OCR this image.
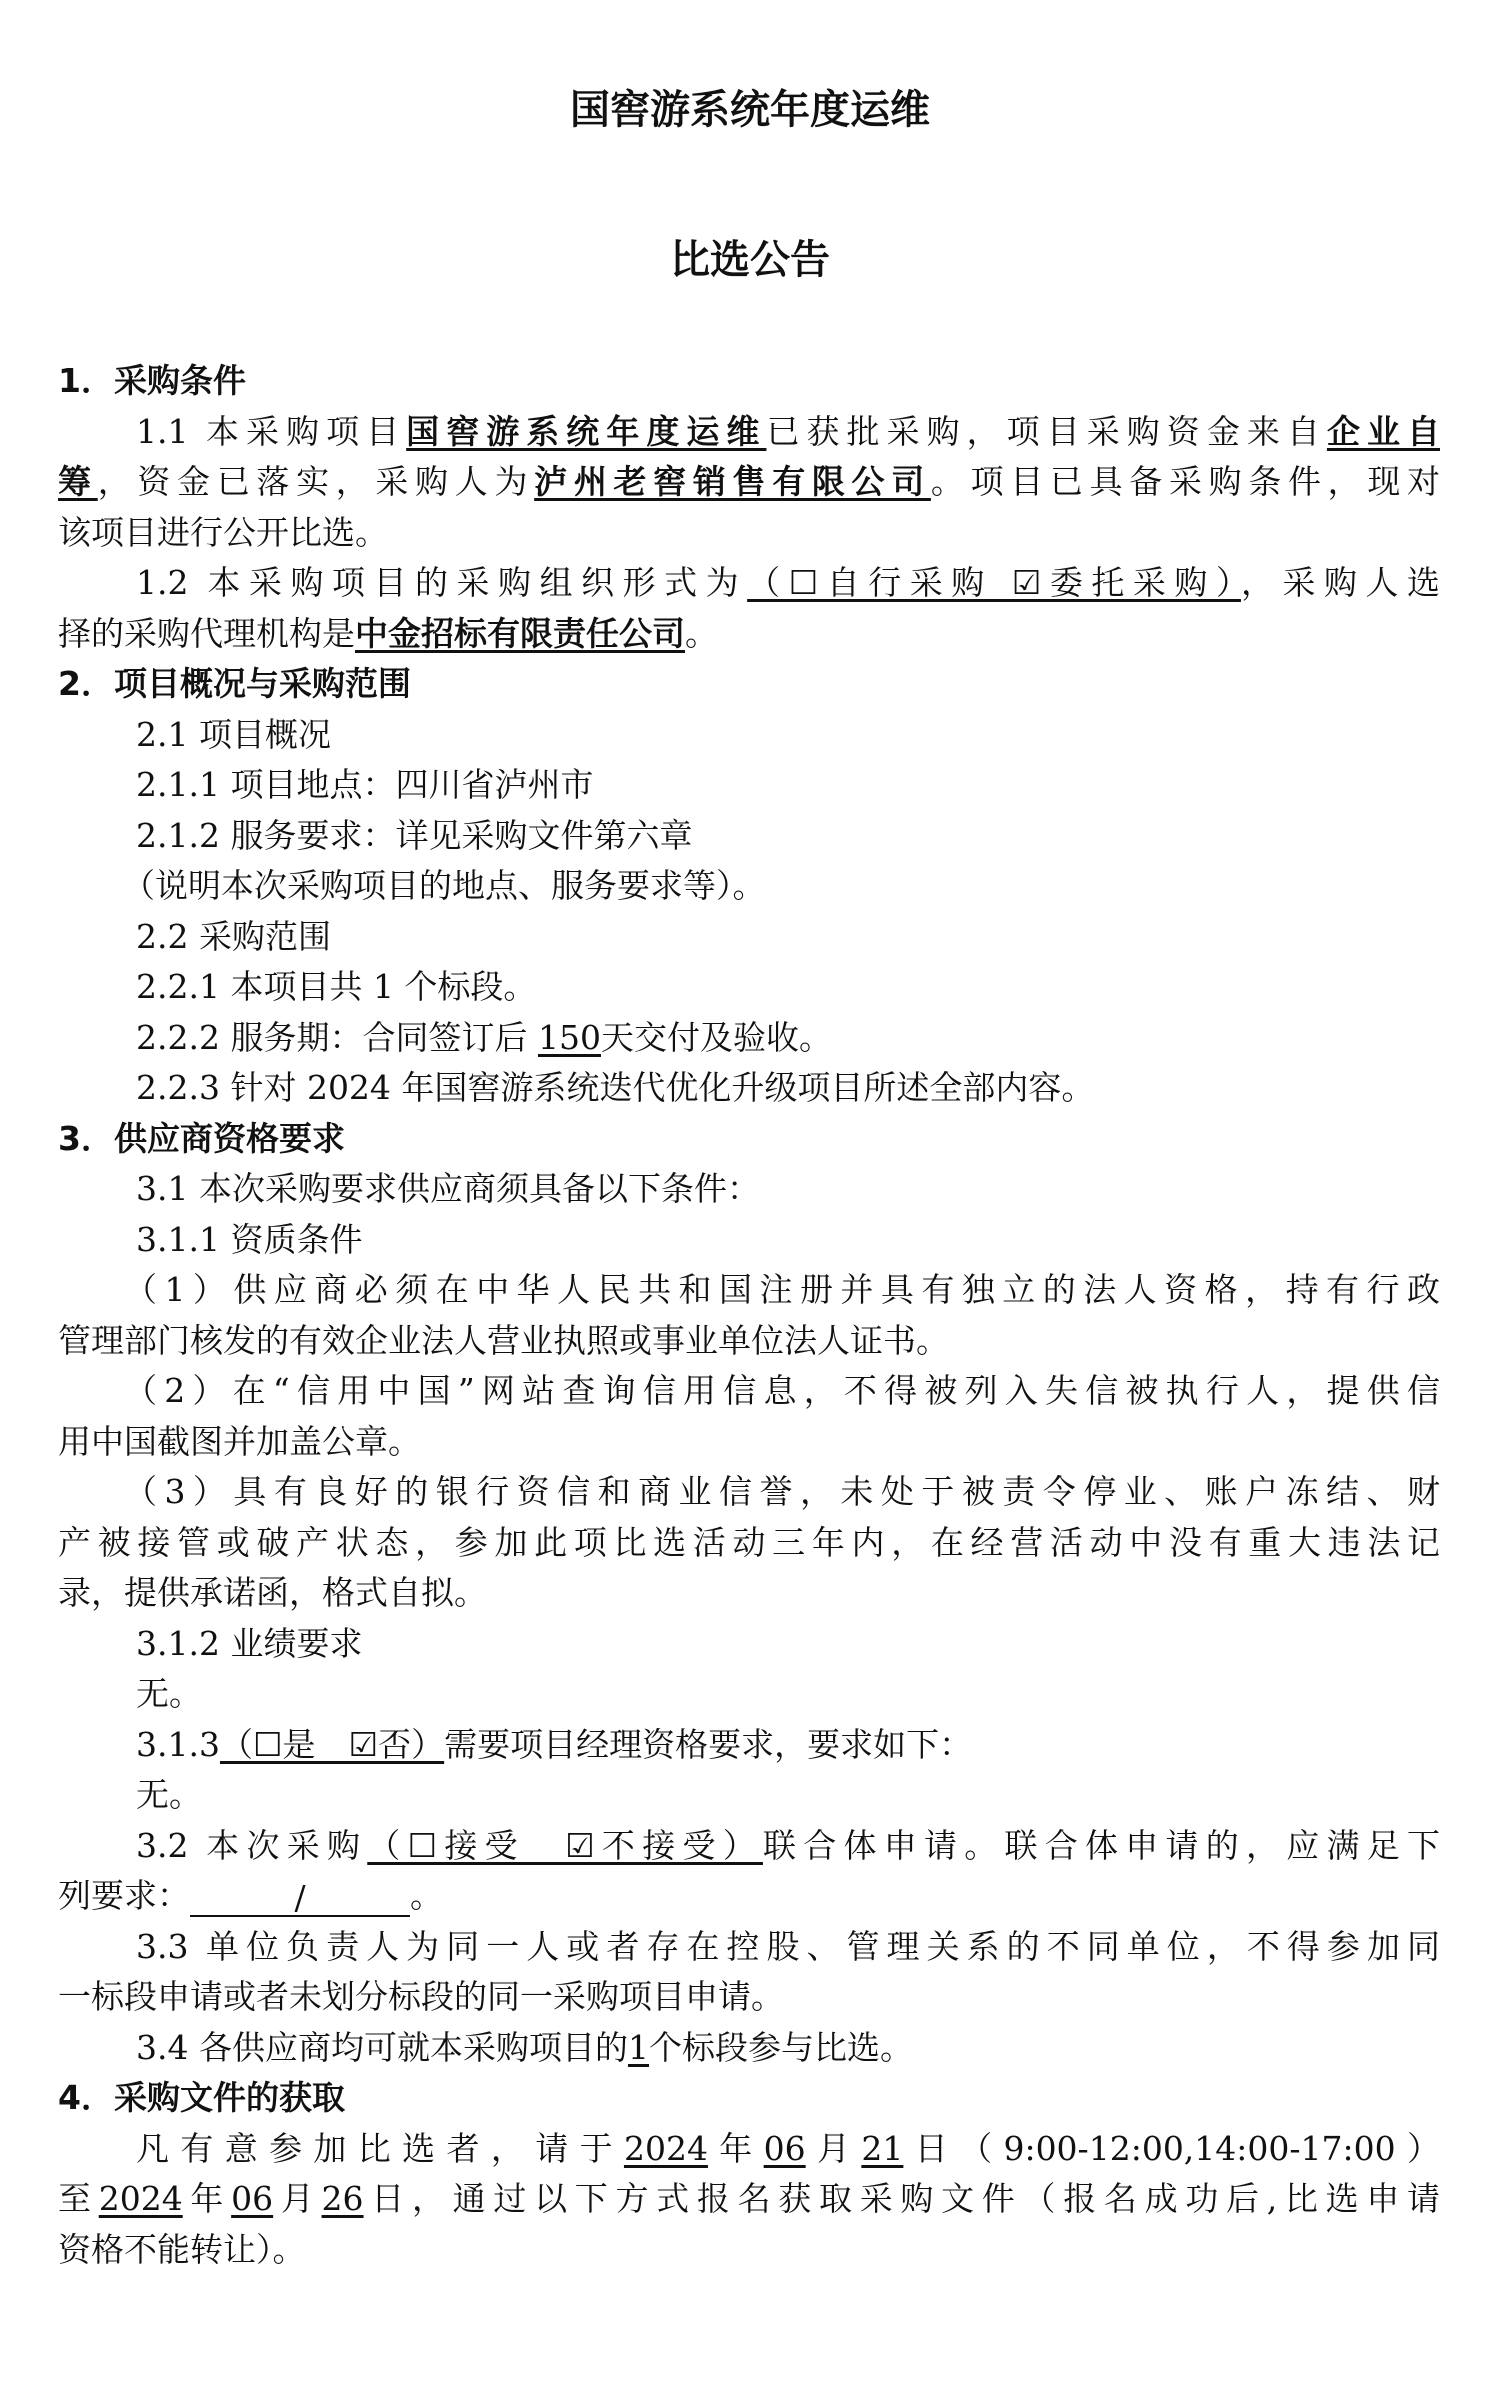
国窖游系统年度运维
比选公告
1．采购条件
1.1 本采购项目国窖游系统年度运维已获批采购，项目采购资金来自企业自
筹，资金已落实，采购人为泸州老窖销售有限公司。项目已具备采购条件，现对
该项目进行公开比选。
1.2 本采购项目的采购组织形式为（☐自行采购 ☑委托采购），采购人选
择的采购代理机构是中金招标有限责任公司。
2．项目概况与采购范围
2.1 项目概况
2.1.1 项目地点：四川省泸州市
2.1.2 服务要求：详见采购文件第六章
（说明本次采购项目的地点、服务要求等）。
2.2 采购范围
2.2.1 本项目共 1 个标段。
2.2.2 服务期：合同签订后 150天交付及验收。
2.2.3 针对 2024 年国窖游系统迭代优化升级项目所述全部内容。
3．供应商资格要求
3.1 本次采购要求供应商须具备以下条件：
3.1.1 资质条件
（1）供应商必须在中华人民共和国注册并具有独立的法人资格，持有行政
管理部门核发的有效企业法人营业执照或事业单位法人证书。
（2）在“信用中国”网站查询信用信息，不得被列入失信被执行人，提供信
用中国截图并加盖公章。
（3）具有良好的银行资信和商业信誉，未处于被责令停业、账户冻结、财
产被接管或破产状态，参加此项比选活动三年内，在经营活动中没有重大违法记
录，提供承诺函，格式自拟。
3.1.2 业绩要求
无。
3.1.3（☐是　☑否）需要项目经理资格要求，要求如下：
无。
3.2 本次采购（☐接受　☑不接受）联合体申请。联合体申请的，应满足下
列要求：	/	。
3.3 单位负责人为同一人或者存在控股、管理关系的不同单位，不得参加同
一标段申请或者未划分标段的同一采购项目申请。
3.4 各供应商均可就本采购项目的1个标段参与比选。
4．采购文件的获取
凡有意参加比选者，请于2024年06月21日（9:00-12:00,14:00-17:00）
至2024年06月26日，通过以下方式报名获取采购文件（报名成功后,比选申请
资格不能转让）。
